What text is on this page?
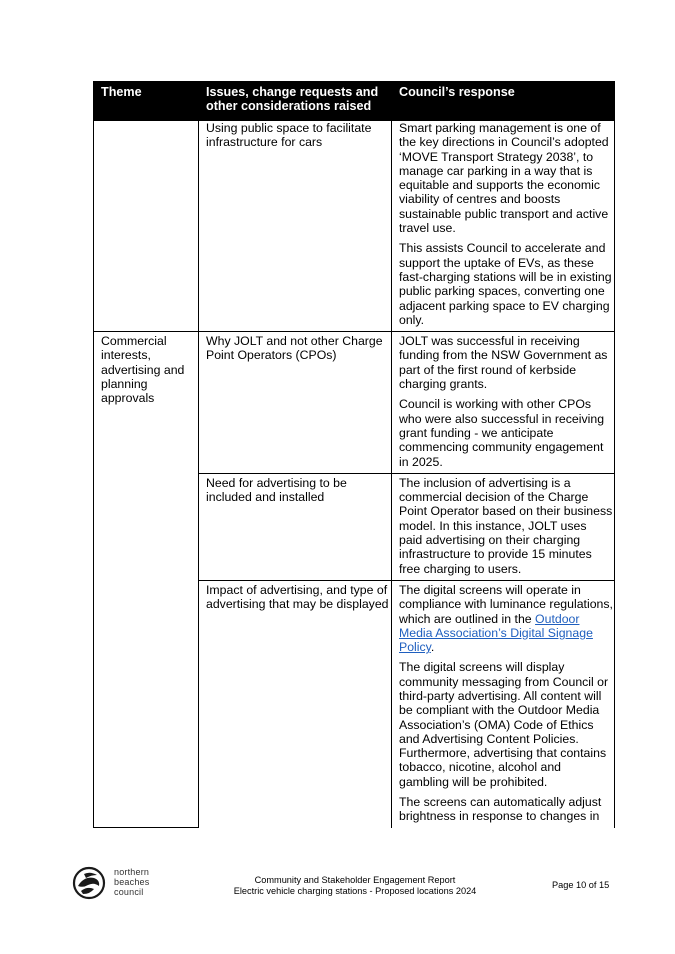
Theme	Issues, change requests and other considerations raised	Council’s response
	Using public space to facilitate infrastructure for cars	Smart parking management is one of the key directions in Council’s adopted ‘MOVE Transport Strategy 2038’, to manage car parking in a way that is equitable and supports the economic viability of centres and boosts sustainable public transport and active travel use.

This assists Council to accelerate and support the uptake of EVs, as these fast-charging stations will be in existing public parking spaces, converting one adjacent parking space to EV charging only.

Commercial interests, advertising and planning approvals	Why JOLT and not other Charge Point Operators (CPOs)	JOLT was successful in receiving funding from the NSW Government as part of the first round of kerbside charging grants.

Council is working with other CPOs who were also successful in receiving grant funding - we anticipate commencing community engagement in 2025.

	Need for advertising to be included and installed	The inclusion of advertising is a commercial decision of the Charge Point Operator based on their business model. In this instance, JOLT uses paid advertising on their charging infrastructure to provide 15 minutes free charging to users.

	Impact of advertising, and type of advertising that may be displayed	The digital screens will operate in compliance with luminance regulations, which are outlined in the Outdoor Media Association’s Digital Signage Policy.

The digital screens will display community messaging from Council or third-party advertising. All content will be compliant with the Outdoor Media Association’s (OMA) Code of Ethics and Advertising Content Policies. Furthermore, advertising that contains tobacco, nicotine, alcohol and gambling will be prohibited.

The screens can automatically adjust brightness in response to changes in

northern
beaches
council
Community and Stakeholder Engagement Report
Electric vehicle charging stations - Proposed locations 2024
Page 10 of 15
